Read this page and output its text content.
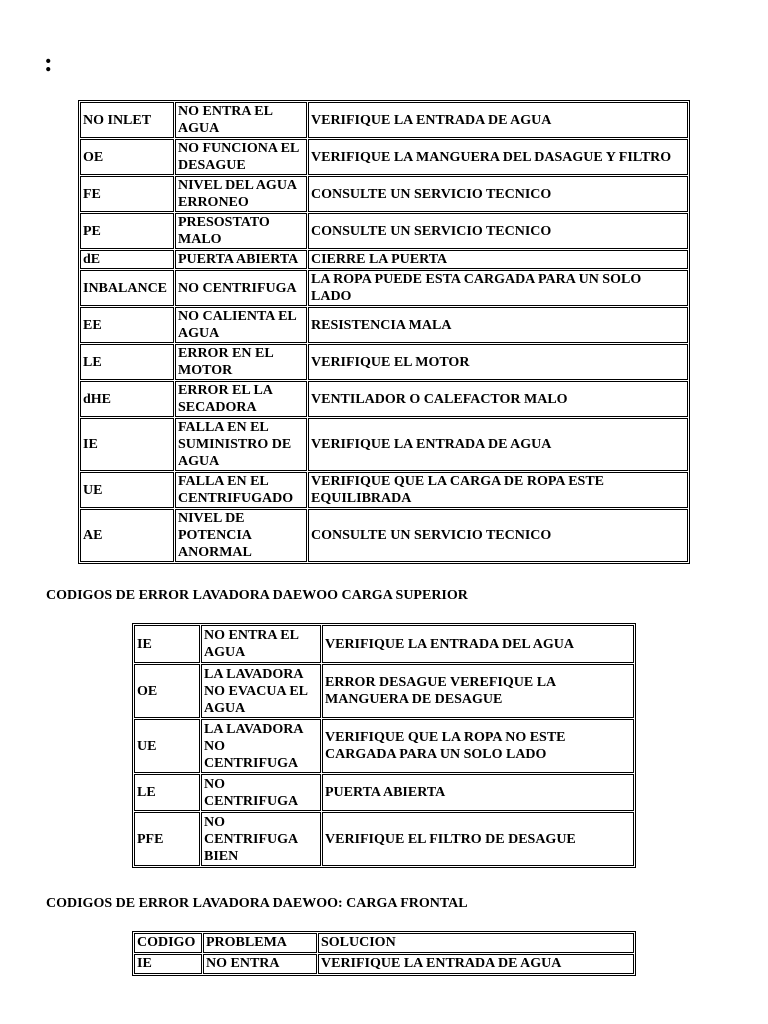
:
NO INLET	NO ENTRA EL AGUA	VERIFIQUE LA ENTRADA DE AGUA
OE	NO FUNCIONA EL DESAGUE	VERIFIQUE LA MANGUERA DEL DASAGUE Y FILTRO
FE	NIVEL DEL AGUA ERRONEO	CONSULTE UN SERVICIO TECNICO
PE	PRESOSTATO MALO	CONSULTE UN SERVICIO TECNICO
dE	PUERTA ABIERTA	CIERRE LA PUERTA
INBALANCE	NO CENTRIFUGA	LA ROPA PUEDE ESTA CARGADA PARA UN SOLO LADO
EE	NO CALIENTA EL AGUA	RESISTENCIA MALA
LE	ERROR EN EL MOTOR	VERIFIQUE EL MOTOR
dHE	ERROR EL LA SECADORA	VENTILADOR O CALEFACTOR MALO
IE	FALLA EN EL SUMINISTRO DE AGUA	VERIFIQUE LA ENTRADA DE AGUA
UE	FALLA EN EL CENTRIFUGADO	VERIFIQUE QUE LA CARGA DE ROPA ESTE EQUILIBRADA
AE	NIVEL DE POTENCIA ANORMAL	CONSULTE UN SERVICIO TECNICO
CODIGOS DE ERROR LAVADORA DAEWOO CARGA SUPERIOR
IE	NO ENTRA EL AGUA	VERIFIQUE LA ENTRADA DEL AGUA
OE	LA LAVADORA NO EVACUA EL AGUA	ERROR DESAGUE VEREFIQUE LA MANGUERA DE DESAGUE
UE	LA LAVADORA NO CENTRIFUGA	VERIFIQUE QUE LA ROPA NO ESTE CARGADA PARA UN SOLO LADO
LE	NO CENTRIFUGA	PUERTA ABIERTA
PFE	NO CENTRIFUGA BIEN	VERIFIQUE EL FILTRO DE DESAGUE
CODIGOS DE ERROR LAVADORA DAEWOO: CARGA FRONTAL
CODIGO	PROBLEMA	SOLUCION
IE	NO ENTRA	VERIFIQUE LA ENTRADA DE AGUA
